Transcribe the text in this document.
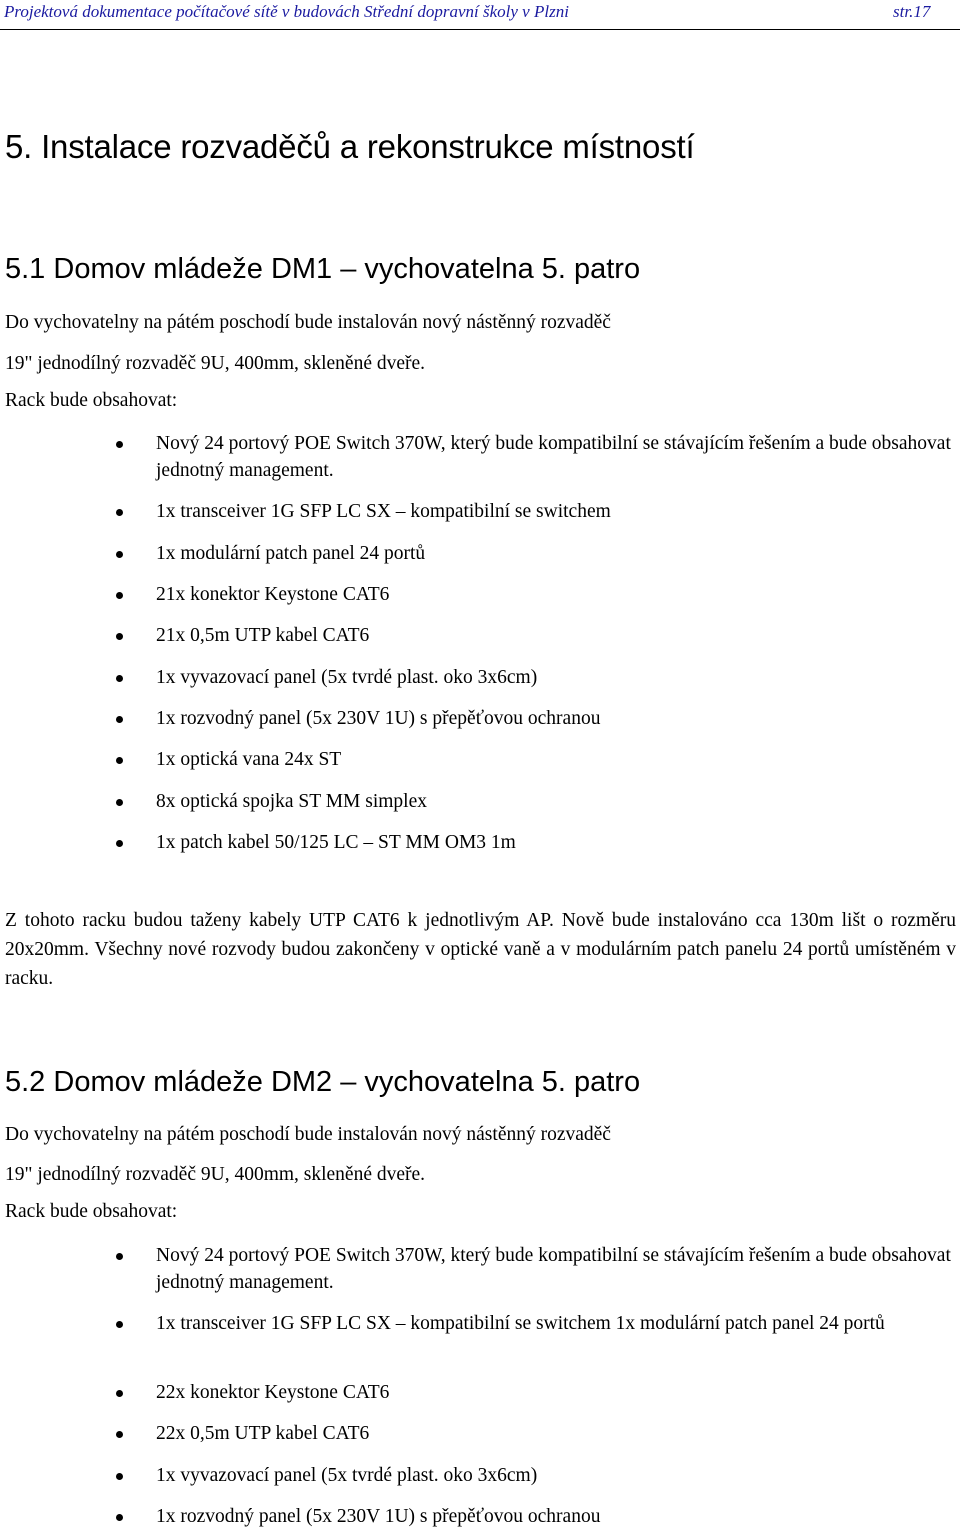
Projektová dokumentace počítačové sítě v budovách Střední dopravní školy v Plzni	str.17
5. Instalace rozvaděčů a rekonstrukce místností
5.1 Domov mládeže DM1 – vychovatelna 5. patro
Do vychovatelny na pátém poschodí bude instalován nový nástěnný rozvaděč
19" jednodílný rozvaděč 9U, 400mm, skleněné dveře.
Rack bude obsahovat:
Nový 24 portový POE Switch 370W, který bude kompatibilní se stávajícím řešením a bude obsahovat jednotný management.
1x transceiver 1G SFP LC SX – kompatibilní se switchem
1x modulární patch panel 24 portů
21x konektor Keystone CAT6
21x 0,5m UTP kabel CAT6
1x vyvazovací panel (5x tvrdé plast. oko 3x6cm)
1x rozvodný panel (5x 230V 1U) s přepěťovou ochranou
1x optická vana 24x ST
8x optická spojka ST MM simplex
1x patch kabel 50/125 LC – ST MM OM3 1m
Z tohoto racku budou taženy kabely UTP CAT6 k jednotlivým AP. Nově bude instalováno cca 130m lišt o rozměru 20x20mm. Všechny nové rozvody budou zakončeny v optické vaně a v modulárním patch panelu 24 portů umístěném v racku.
5.2 Domov mládeže DM2 – vychovatelna 5. patro
Do vychovatelny na pátém poschodí bude instalován nový nástěnný rozvaděč
19" jednodílný rozvaděč 9U, 400mm, skleněné dveře.
Rack bude obsahovat:
Nový 24 portový POE Switch 370W, který bude kompatibilní se stávajícím řešením a bude obsahovat jednotný management.
1x transceiver 1G SFP LC SX – kompatibilní se switchem 1x modulární patch panel 24 portů
22x konektor Keystone CAT6
22x 0,5m UTP kabel CAT6
1x vyvazovací panel (5x tvrdé plast. oko 3x6cm)
1x rozvodný panel (5x 230V 1U) s přepěťovou ochranou
